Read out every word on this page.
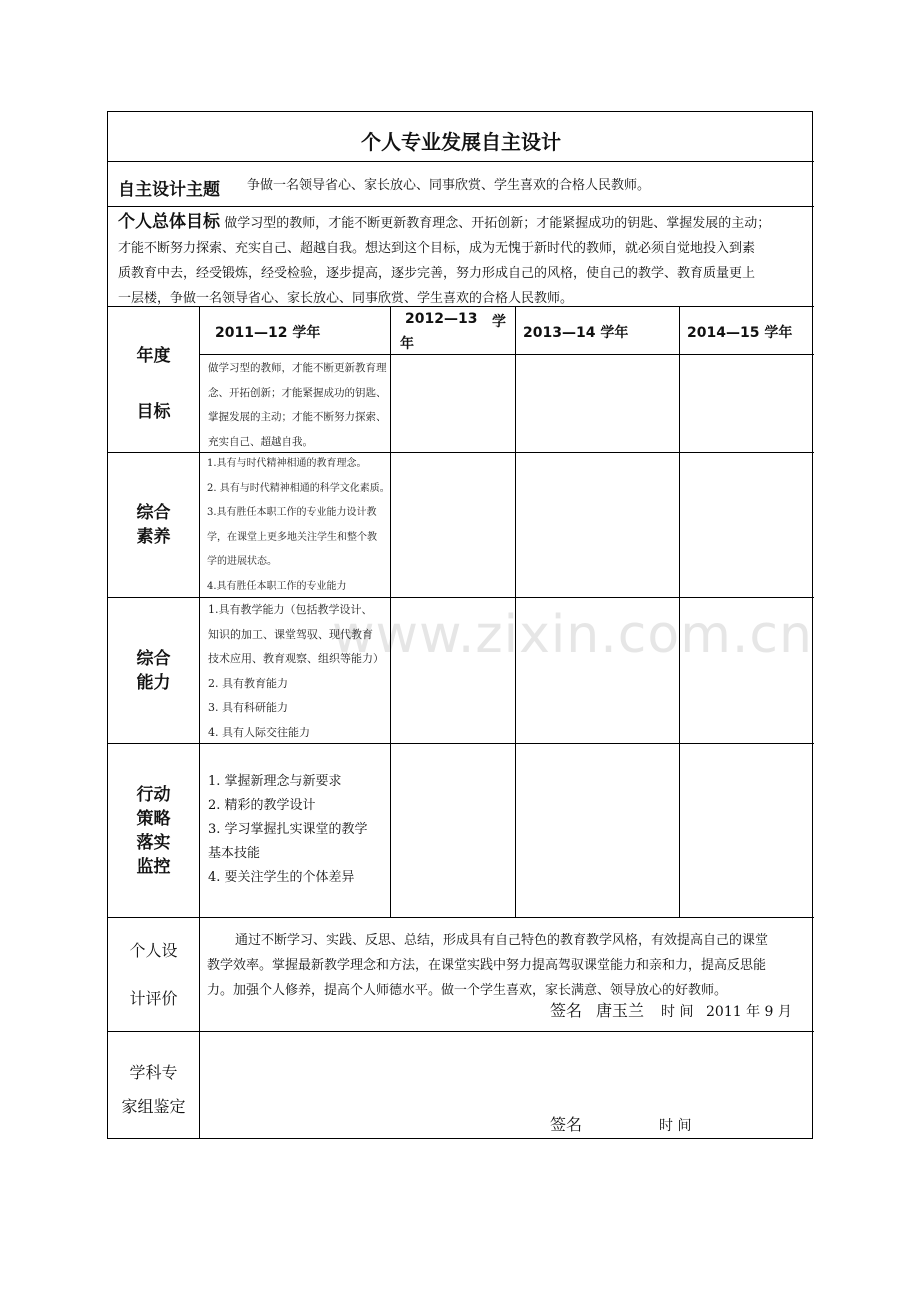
www.zixin.com.cn
个人专业发展自主设计
自主设计主题 争做一名领导省心、家长放心、同事欣赏、学生喜欢的合格人民教师。
个人总体目标 做学习型的教师，才能不断更新教育理念、开拓创新；才能紧握成功的钥匙、掌握发展的主动；
才能不断努力探索、充实自己、超越自我。想达到这个目标，成为无愧于新时代的教师，就必须自觉地投入到素
质教育中去，经受锻炼，经受检验，逐步提高，逐步完善，努力形成自己的风格，使自己的教学、教育质量更上
一层楼，争做一名领导省心、家长放心、同事欣赏、学生喜欢的合格人民教师。
2011—12 学年
2012—13 学
年
2013—14 学年	2014—15 学年
年度
目标
做学习型的教师，才能不断更新教育理
念、开拓创新；才能紧握成功的钥匙、
掌握发展的主动；才能不断努力探索、
充实自己、超越自我。
综合
素养
1.具有与时代精神相通的教育理念。
2. 具有与时代精神相通的科学文化素质。
3.具有胜任本职工作的专业能力设计教
学，在课堂上更多地关注学生和整个教
学的进展状态。
4.具有胜任本职工作的专业能力
综合
能力
1.具有教学能力（包括教学设计、
知识的加工、课堂驾驭、现代教育
技术应用、教育观察、组织等能力）
2. 具有教育能力
3. 具有科研能力
4. 具有人际交往能力
行动
策略
落实
监控
1. 掌握新理念与新要求
2. 精彩的教学设计
3. 学习掌握扎实课堂的教学
基本技能
4. 要关注学生的个体差异
个人设
计评价
通过不断学习、实践、反思、总结，形成具有自己特色的教育教学风格，有效提高自己的课堂
教学效率。掌握最新教学理念和方法，在课堂实践中努力提高驾驭课堂能力和亲和力，提高反思能
力。加强个人修养，提高个人师德水平。做一个学生喜欢，家长满意、领导放心的好教师。
签名 唐玉兰 时 间 2011 年 9 月
学科专
家组鉴定
签名	时 间
